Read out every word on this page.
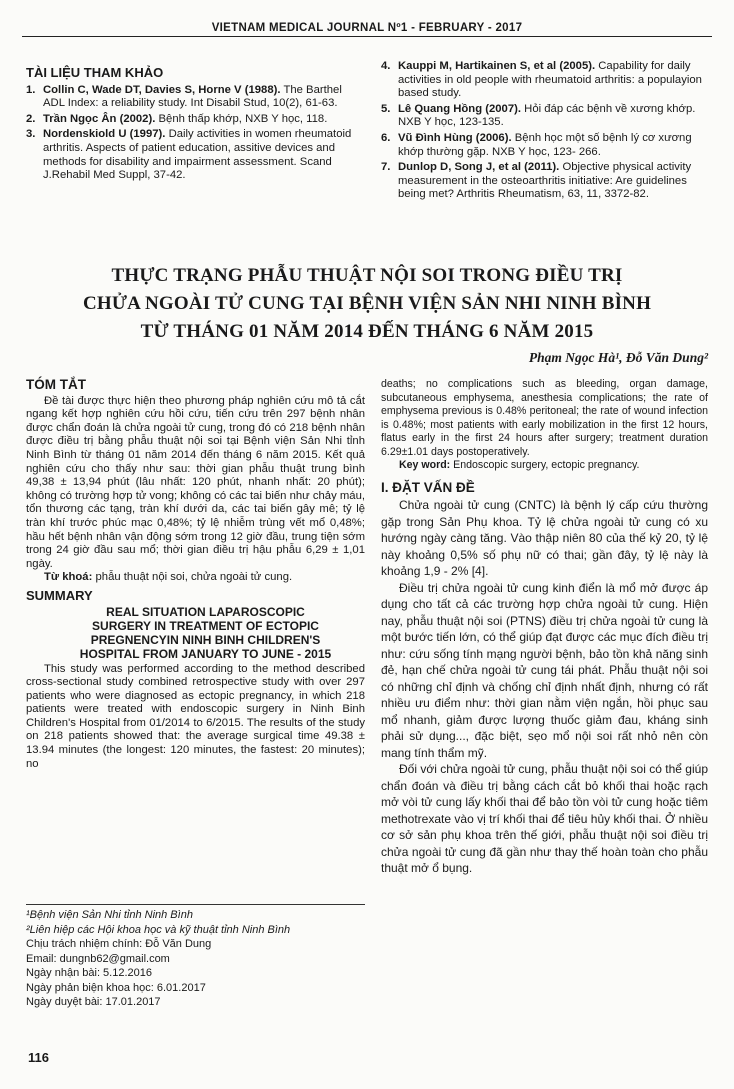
VIETNAM MEDICAL JOURNAL Nº1 - FEBRUARY - 2017
TÀI LIỆU THAM KHẢO
1. Collin C, Wade DT, Davies S, Horne V (1988). The Barthel ADL Index: a reliability study. Int Disabil Stud, 10(2), 61-63.
2. Trần Ngọc Ân (2002). Bệnh thấp khớp, NXB Y học, 118.
3. Nordenskiold U (1997). Daily activities in women rheumatoid arthritis. Aspects of patient education, assitive devices and methods for disability and impairment assessment. Scand J.Rehabil Med Suppl, 37-42.
4. Kauppi M, Hartikainen S, et al (2005). Capability for daily activities in old people with rheumatoid arthritis: a populayion based study.
5. Lê Quang Hồng (2007). Hỏi đáp các bệnh về xương khớp. NXB Y học, 123-135.
6. Vũ Đình Hùng (2006). Bệnh học một số bệnh lý cơ xương khớp thường gặp. NXB Y học, 123- 266.
7. Dunlop D, Song J, et al (2011). Objective physical activity measurement in the osteoarthritis initiative: Are guidelines being met? Arthritis Rheumatism, 63, 11, 3372-82.
THỰC TRẠNG PHẪU THUẬT NỘI SOI TRONG ĐIỀU TRỊ
CHỬA NGOÀI TỬ CUNG TẠI BỆNH VIỆN SẢN NHI NINH BÌNH
TỪ THÁNG 01 NĂM 2014 ĐẾN THÁNG 6 NĂM 2015
Phạm Ngọc Hà¹, Đỗ Văn Dung²
TÓM TẮT

Đề tài được thực hiện theo phương pháp nghiên cứu mô tả cắt ngang kết hợp nghiên cứu hồi cứu, tiến cứu trên 297 bệnh nhân được chẩn đoán là chửa ngoài tử cung, trong đó có 218 bệnh nhân được điều trị bằng phẫu thuật nội soi tại Bệnh viện Sản Nhi tỉnh Ninh Bình từ tháng 01 năm 2014 đến tháng 6 năm 2015. Kết quả nghiên cứu cho thấy như sau: thời gian phẫu thuật trung bình 49,38 ± 13,94 phút (lâu nhất: 120 phút, nhanh nhất: 20 phút); không có trường hợp tử vong; không có các tai biến như chảy máu, tổn thương các tạng, tràn khí dưới da, các tai biến gây mê; tỷ lệ tràn khí trước phúc mạc 0,48%; tỷ lệ nhiễm trùng vết mổ 0,48%; hầu hết bệnh nhân vận động sớm trong 12 giờ đầu, trung tiện sớm trong 24 giờ đầu sau mổ; thời gian điều trị hậu phẫu 6,29 ± 1,01 ngày.

Từ khoá: phẫu thuật nội soi, chửa ngoài tử cung.

SUMMARY
REAL SITUATION LAPAROSCOPIC
SURGERY IN TREATMENT OF ECTOPIC
PREGNENCYIN NINH BINH CHILDREN'S
HOSPITAL FROM JANUARY TO JUNE - 2015

This study was performed according to the method described cross-sectional study combined retrospective study with over 297 patients who were diagnosed as ectopic pregnancy, in which 218 patients were treated with endoscopic surgery in Ninh Binh Children's Hospital from 01/2014 to 6/2015. The results of the study on 218 patients showed that: the average surgical time 49.38 ± 13.94 minutes (the longest: 120 minutes, the fastest: 20 minutes); no

¹Bệnh viện Sản Nhi tỉnh Ninh Bình
²Liên hiệp các Hội khoa học và kỹ thuật tỉnh Ninh Bình
Chịu trách nhiệm chính: Đỗ Văn Dung
Email: dungnb62@gmail.com
Ngày nhận bài: 5.12.2016
Ngày phản biện khoa học: 6.01.2017
Ngày duyệt bài: 17.01.2017

deaths; no complications such as bleeding, organ damage, subcutaneous emphysema, anesthesia complications; the rate of emphysema previous is 0.48% peritoneal; the rate of wound infection is 0.48%; most patients with early mobilization in the first 12 hours, flatus early in the first 24 hours after surgery; treatment duration 6.29±1.01 days postoperatively.

Key word: Endoscopic surgery, ectopic pregnancy.

I. ĐẶT VẤN ĐỀ

Chửa ngoài tử cung (CNTC) là bệnh lý cấp cứu thường gặp trong Sản Phụ khoa. Tỷ lệ chửa ngoài tử cung có xu hướng ngày càng tăng. Vào thập niên 80 của thế kỷ 20, tỷ lệ này khoảng 0,5% số phụ nữ có thai; gần đây, tỷ lệ này là khoảng 1,9 - 2% [4].

Điều trị chửa ngoài tử cung kinh điển là mổ mở được áp dụng cho tất cả các trường hợp chửa ngoài tử cung. Hiện nay, phẫu thuật nội soi (PTNS) điều trị chửa ngoài tử cung là một bước tiến lớn, có thể giúp đạt được các mục đích điều trị như: cứu sống tính mạng người bệnh, bảo tồn khả năng sinh đẻ, hạn chế chửa ngoài tử cung tái phát. Phẫu thuật nội soi có những chỉ định và chống chỉ định nhất định, nhưng có rất nhiều ưu điểm như: thời gian nằm viện ngắn, hồi phục sau mổ nhanh, giảm được lượng thuốc giảm đau, kháng sinh phải sử dụng..., đặc biệt, sẹo mổ nội soi rất nhỏ nên còn mang tính thẩm mỹ.

Đối với chửa ngoài tử cung, phẫu thuật nội soi có thể giúp chẩn đoán và điều trị bằng cách cắt bỏ khối thai hoặc rạch mở vòi tử cung lấy khối thai để bảo tồn vòi tử cung hoặc tiêm methotrexate vào vị trí khối thai để tiêu hủy khối thai. Ở nhiều cơ sở sản phụ khoa trên thế giới, phẫu thuật nội soi điều trị chửa ngoài tử cung đã gần như thay thế hoàn toàn cho phẫu thuật mở ổ bụng.

116
